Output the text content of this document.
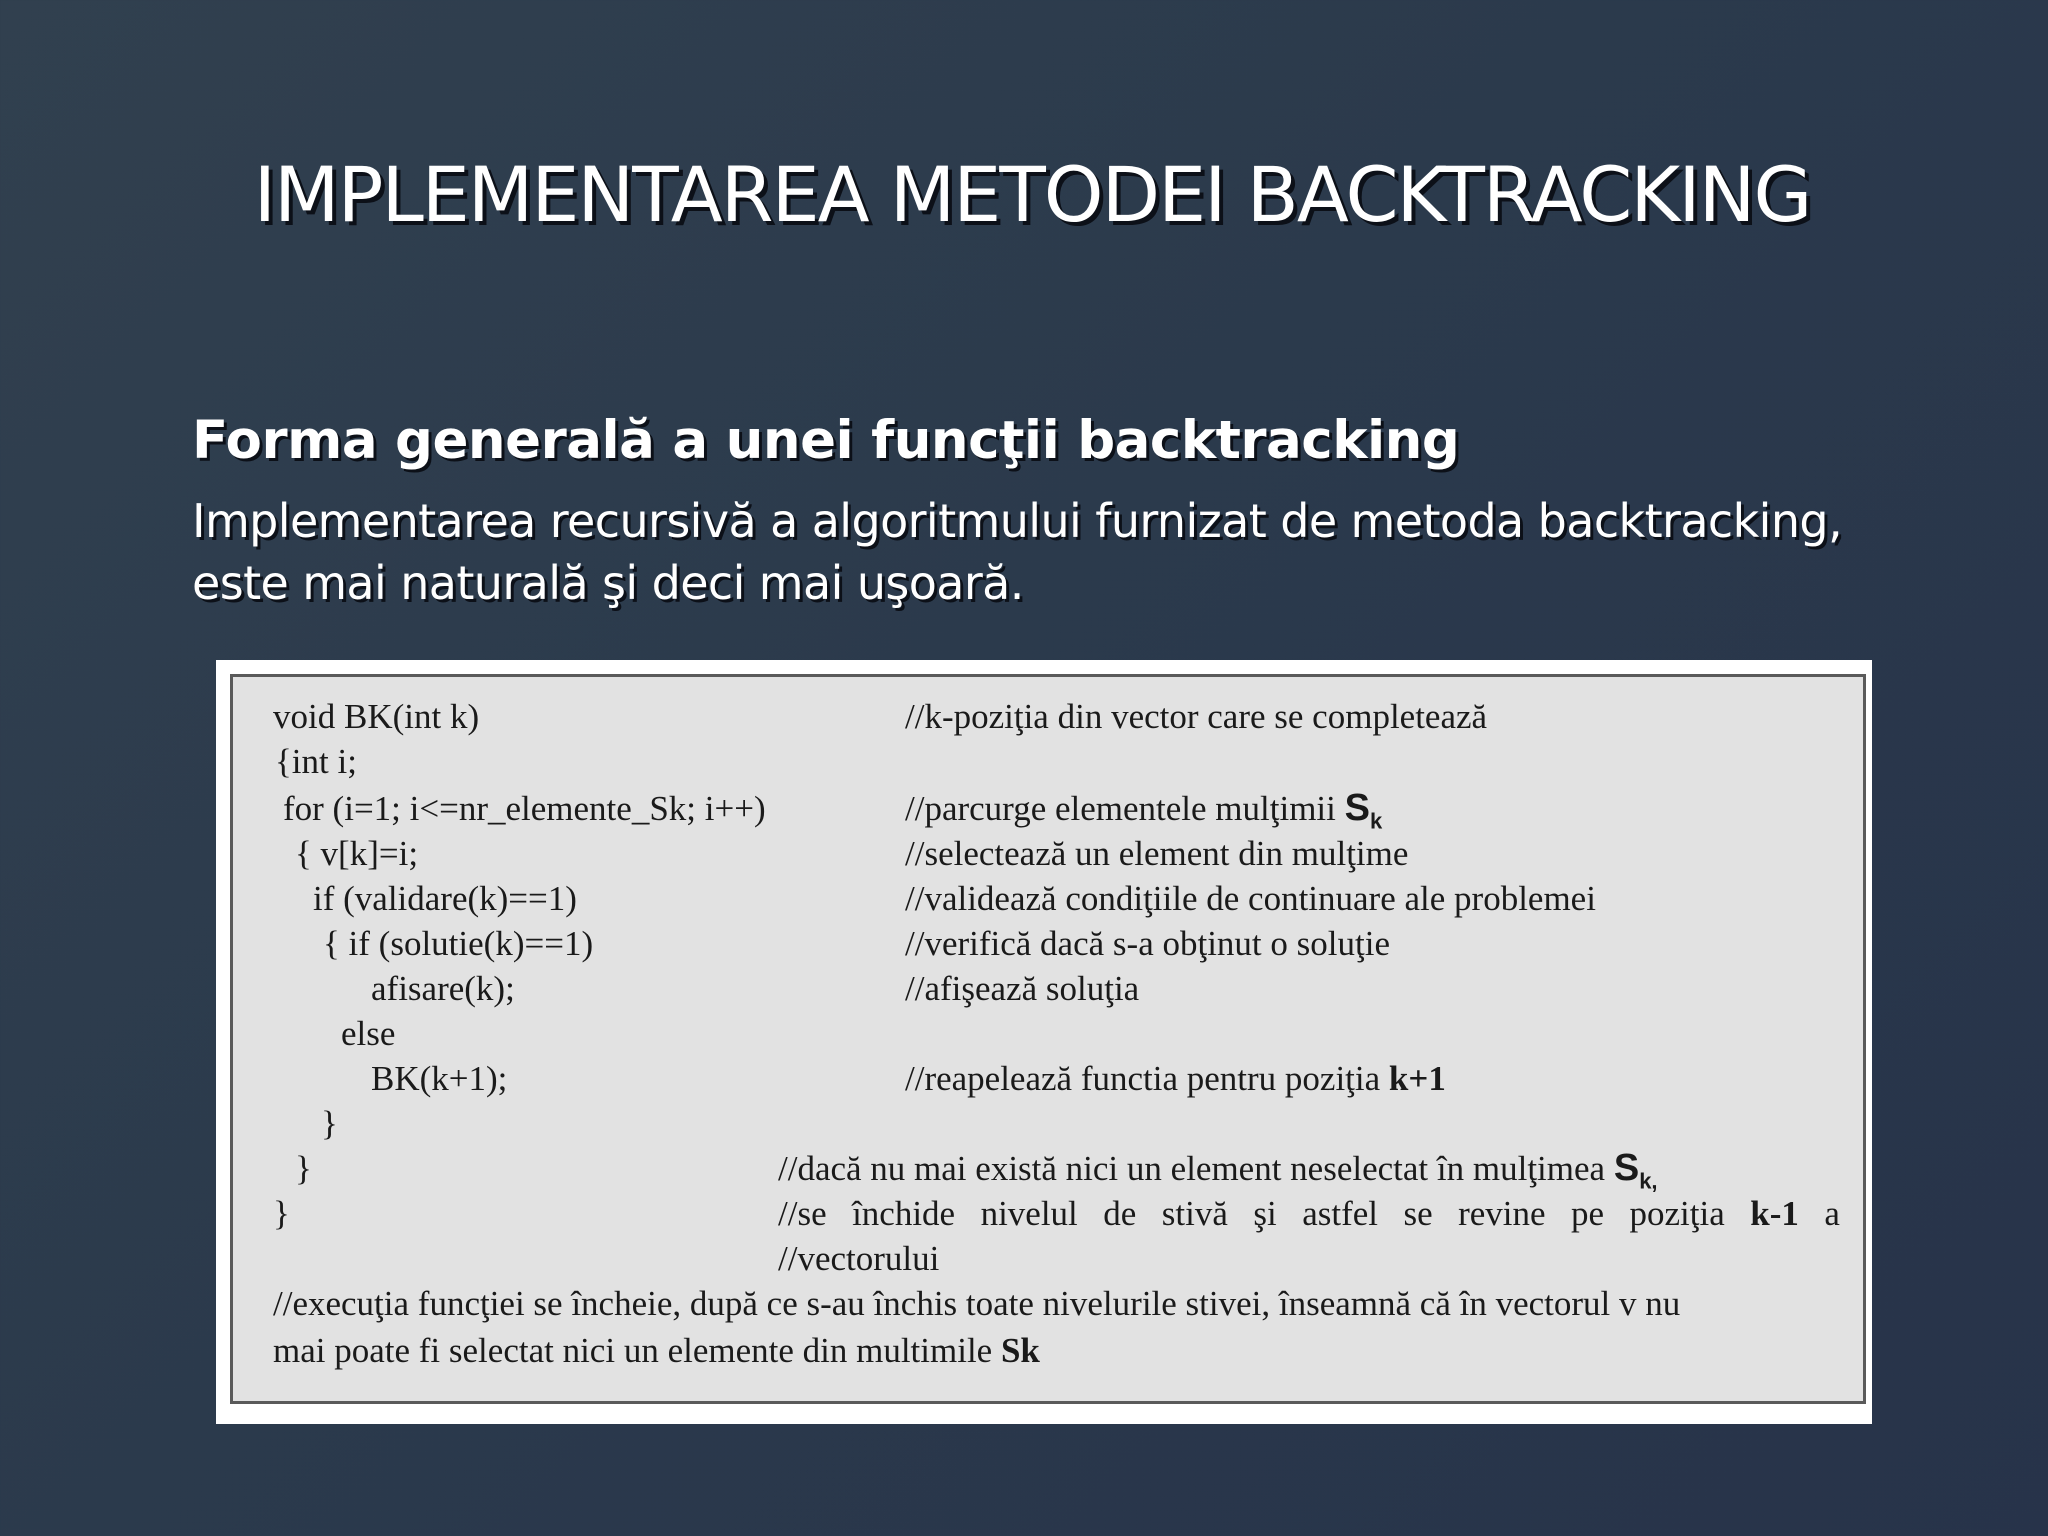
IMPLEMENTAREA METODEI BACKTRACKING
Forma generală a unei funcţii backtracking
Implementarea recursivă a algoritmului furnizat de metoda backtracking,
este mai naturală şi deci mai uşoară.
void BK(int k)
{int i;
for (i=1; i<=nr_elemente_Sk; i++)
{ v[k]=i;
if (validare(k)==1)
{ if (solutie(k)==1)
afisare(k);
else
BK(k+1);
}
}
}
//k-poziţia din vector care se completează
//parcurge elementele mulţimii $S_k$
//selectează un element din mulţime
//validează condiţiile de continuare ale problemei
//verifică dacă s-a obţinut o soluţie
//afişează soluţia
//reapelează functia pentru poziţia k+1
//dacă nu mai există nici un element neselectat în mulţimea $S_{k,}$
//se închide nivelul de stivă şi astfel se revine pe poziţia k-1 a
//vectorului
//execuţia funcţiei se încheie, după ce s-au închis toate nivelurile stivei, înseamnă că în vectorul v nu
mai poate fi selectat nici un elemente din multimile Sk
